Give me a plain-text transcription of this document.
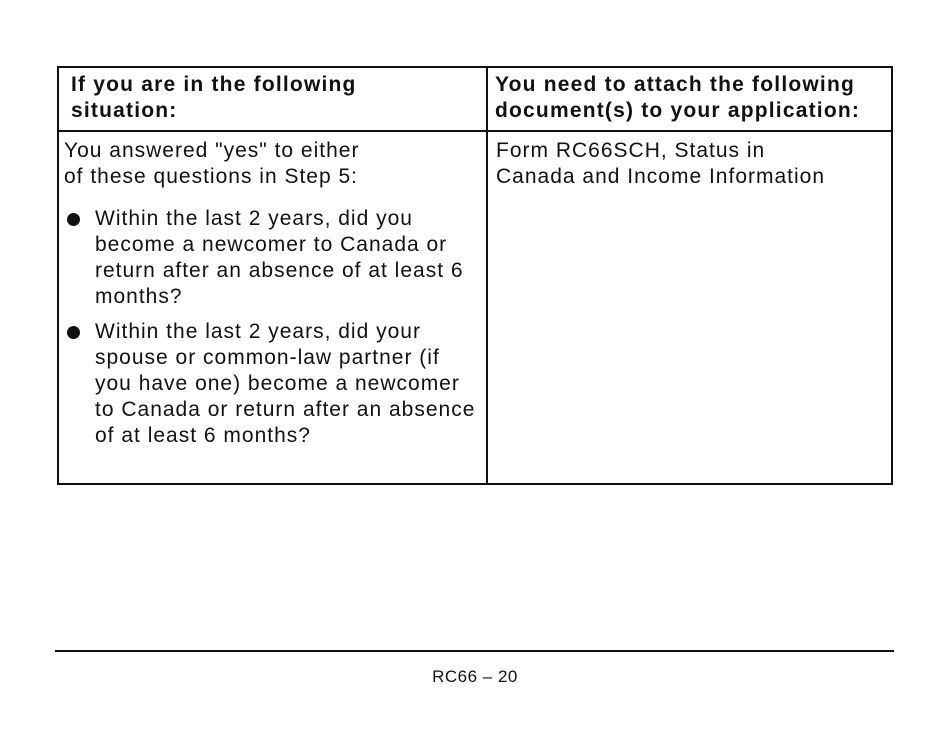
If you are in the following
situation:
You need to attach the following
document(s) to your application:
You answered "yes" to either
of these questions in Step 5:
Within the last 2 years, did you become a newcomer to Canada or return after an absence of at least 6 months?
Within the last 2 years, did your spouse or common-law partner (if you have one) become a newcomer to Canada or return after an absence of at least 6 months?
Form RC66SCH, Status in
Canada and Income Information
RC66 – 20
